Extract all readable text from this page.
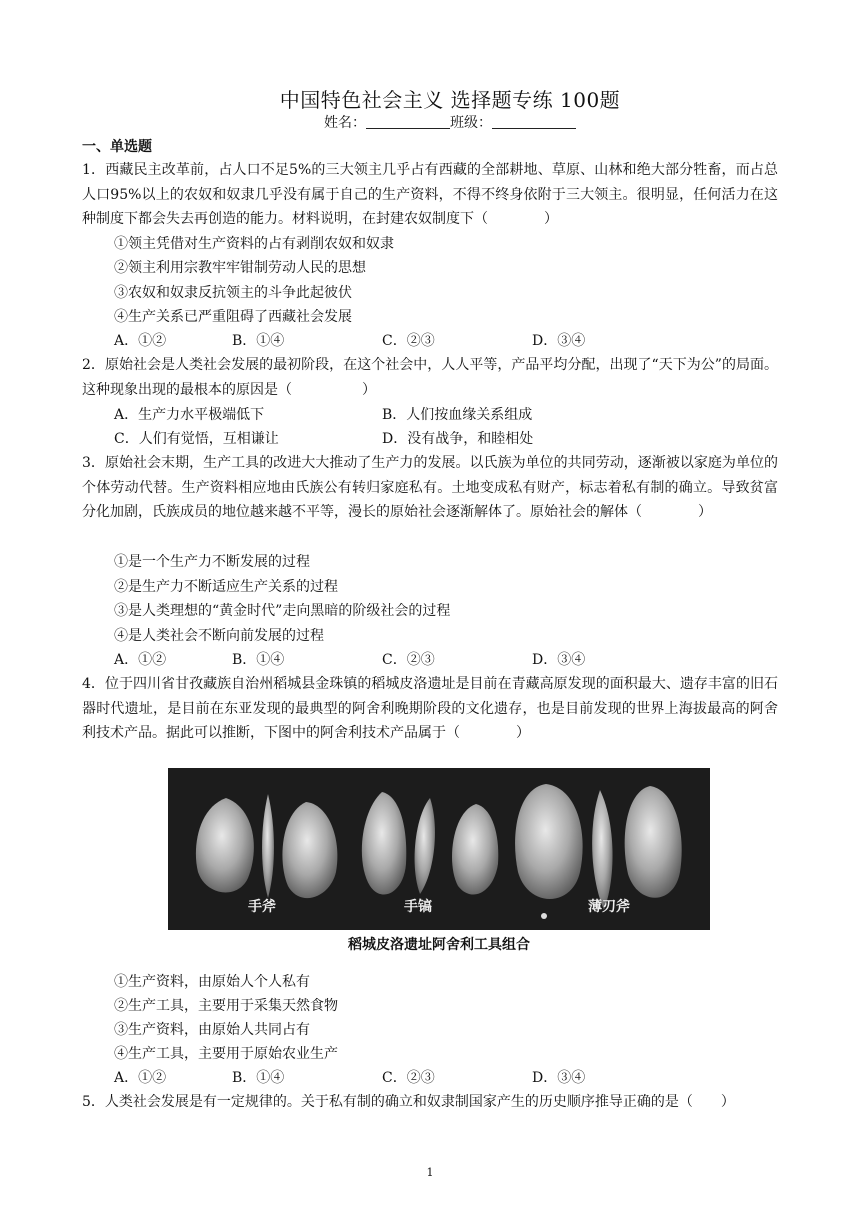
中国特色社会主义 选择题专练 100题
姓名：	班级：
一、单选题
1．西藏民主改革前，占人口不足5%的三大领主几乎占有西藏的全部耕地、草原、山林和绝大部分牲畜，而占总人口95%以上的农奴和奴隶几乎没有属于自己的生产资料，不得不终身依附于三大领主。很明显，任何活力在这种制度下都会失去再创造的能力。材料说明，在封建农奴制度下（　　　　）
①领主凭借对生产资料的占有剥削农奴和奴隶
②领主利用宗教牢牢钳制劳动人民的思想
③农奴和奴隶反抗领主的斗争此起彼伏
④生产关系已严重阻碍了西藏社会发展
A．①②	B．①④	C．②③	D．③④
2．原始社会是人类社会发展的最初阶段，在这个社会中，人人平等，产品平均分配，出现了“天下为公”的局面。这种现象出现的最根本的原因是（　　　　　）
A．生产力水平极端低下	B．人们按血缘关系组成
C．人们有觉悟，互相谦让	D．没有战争，和睦相处
3．原始社会末期，生产工具的改进大大推动了生产力的发展。以氏族为单位的共同劳动，逐渐被以家庭为单位的个体劳动代替。生产资料相应地由氏族公有转归家庭私有。土地变成私有财产，标志着私有制的确立。导致贫富分化加剧，氏族成员的地位越来越不平等，漫长的原始社会逐渐解体了。原始社会的解体（　　　　）
①是一个生产力不断发展的过程
②是生产力不断适应生产关系的过程
③是人类理想的“黄金时代”走向黑暗的阶级社会的过程
④是人类社会不断向前发展的过程
A．①②	B．①④	C．②③	D．③④
4．位于四川省甘孜藏族自治州稻城县金珠镇的稻城皮洛遗址是目前在青藏高原发现的面积最大、遗存丰富的旧石器时代遗址，是目前在东亚发现的最典型的阿舍利晚期阶段的文化遗存，也是目前发现的世界上海拔最高的阿舍利技术产品。据此可以推断，下图中的阿舍利技术产品属于（　　　　）
手斧	手镐	薄刃斧
稻城皮洛遗址阿舍利工具组合
①生产资料，由原始人个人私有
②生产工具，主要用于采集天然食物
③生产资料，由原始人共同占有
④生产工具，主要用于原始农业生产
A．①②	B．①④	C．②③	D．③④
5．人类社会发展是有一定规律的。关于私有制的确立和奴隶制国家产生的历史顺序推导正确的是（　　）
1
